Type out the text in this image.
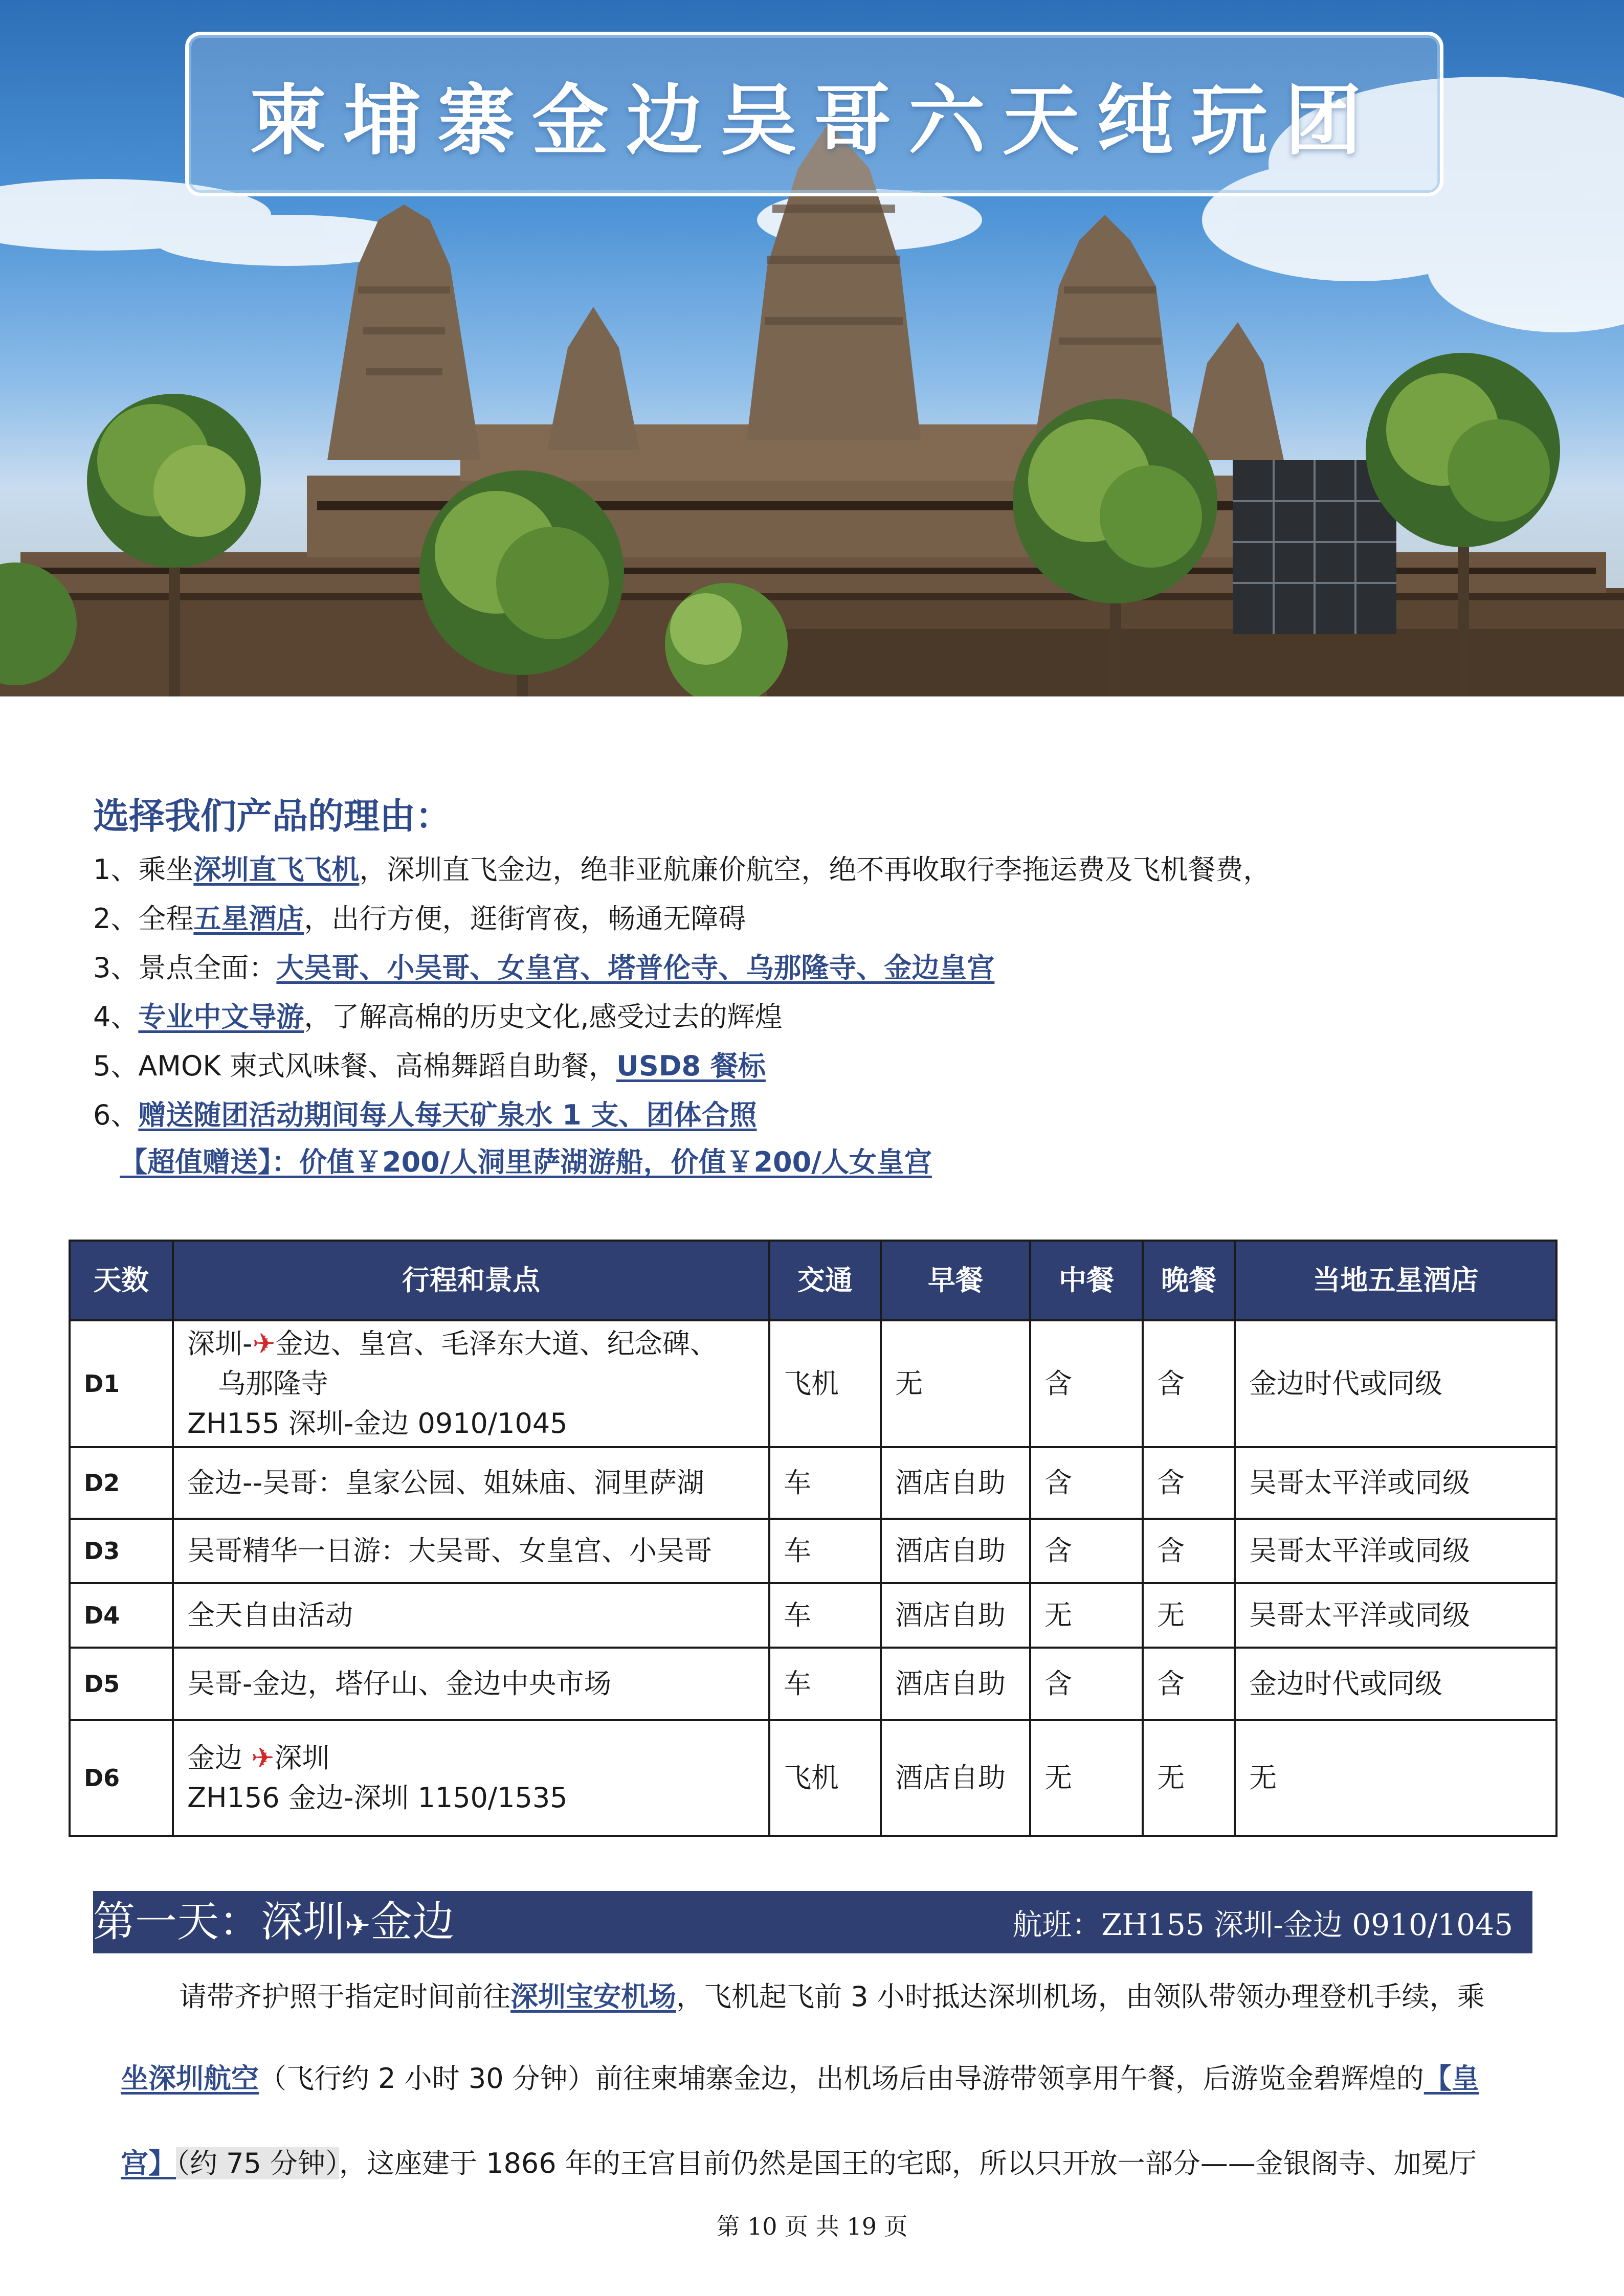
柬埔寨金边吴哥六天纯玩团
选择我们产品的理由：
1、乘坐深圳直飞飞机，深圳直飞金边，绝非亚航廉价航空，绝不再收取行李拖运费及飞机餐费，
2、全程五星酒店，出行方便，逛街宵夜，畅通无障碍
3、景点全面：大吴哥、小吴哥、女皇宫、塔普伦寺、乌那隆寺、金边皇宫
4、专业中文导游，了解高棉的历史文化,感受过去的辉煌
5、AMOK 柬式风味餐、高棉舞蹈自助餐，USD8 餐标
6、赠送随团活动期间每人每天矿泉水 1 支、团体合照
【超值赠送】：价值￥200/人洞里萨湖游船，价值￥200/人女皇宫
天数	行程和景点	交通	早餐	中餐	晚餐	当地五星酒店
D1	深圳-✈金边、皇宫、毛泽东大道、纪念碑、
乌那隆寺
ZH155 深圳-金边 0910/1045	飞机	无	含	含	金边时代或同级
D2	金边--吴哥：皇家公园、姐妹庙、洞里萨湖	车	酒店自助	含	含	吴哥太平洋或同级
D3	吴哥精华一日游：大吴哥、女皇宫、小吴哥	车	酒店自助	含	含	吴哥太平洋或同级
D4	全天自由活动	车	酒店自助	无	无	吴哥太平洋或同级
D5	吴哥-金边，塔仔山、金边中央市场	车	酒店自助	含	含	金边时代或同级
D6	金边 ✈深圳
ZH156 金边-深圳 1150/1535	飞机	酒店自助	无	无	无
第一天：深圳✈金边	航班：ZH155 深圳-金边 0910/1045
请带齐护照于指定时间前往深圳宝安机场，飞机起飞前 3 小时抵达深圳机场，由领队带领办理登机手续，乘
坐深圳航空（飞行约 2 小时 30 分钟）前往柬埔寨金边，出机场后由导游带领享用午餐，后游览金碧辉煌的【皇
宫】（约 75 分钟），这座建于 1866 年的王宫目前仍然是国王的宅邸，所以只开放一部分——金银阁寺、加冕厅
第 10 页 共 19 页
